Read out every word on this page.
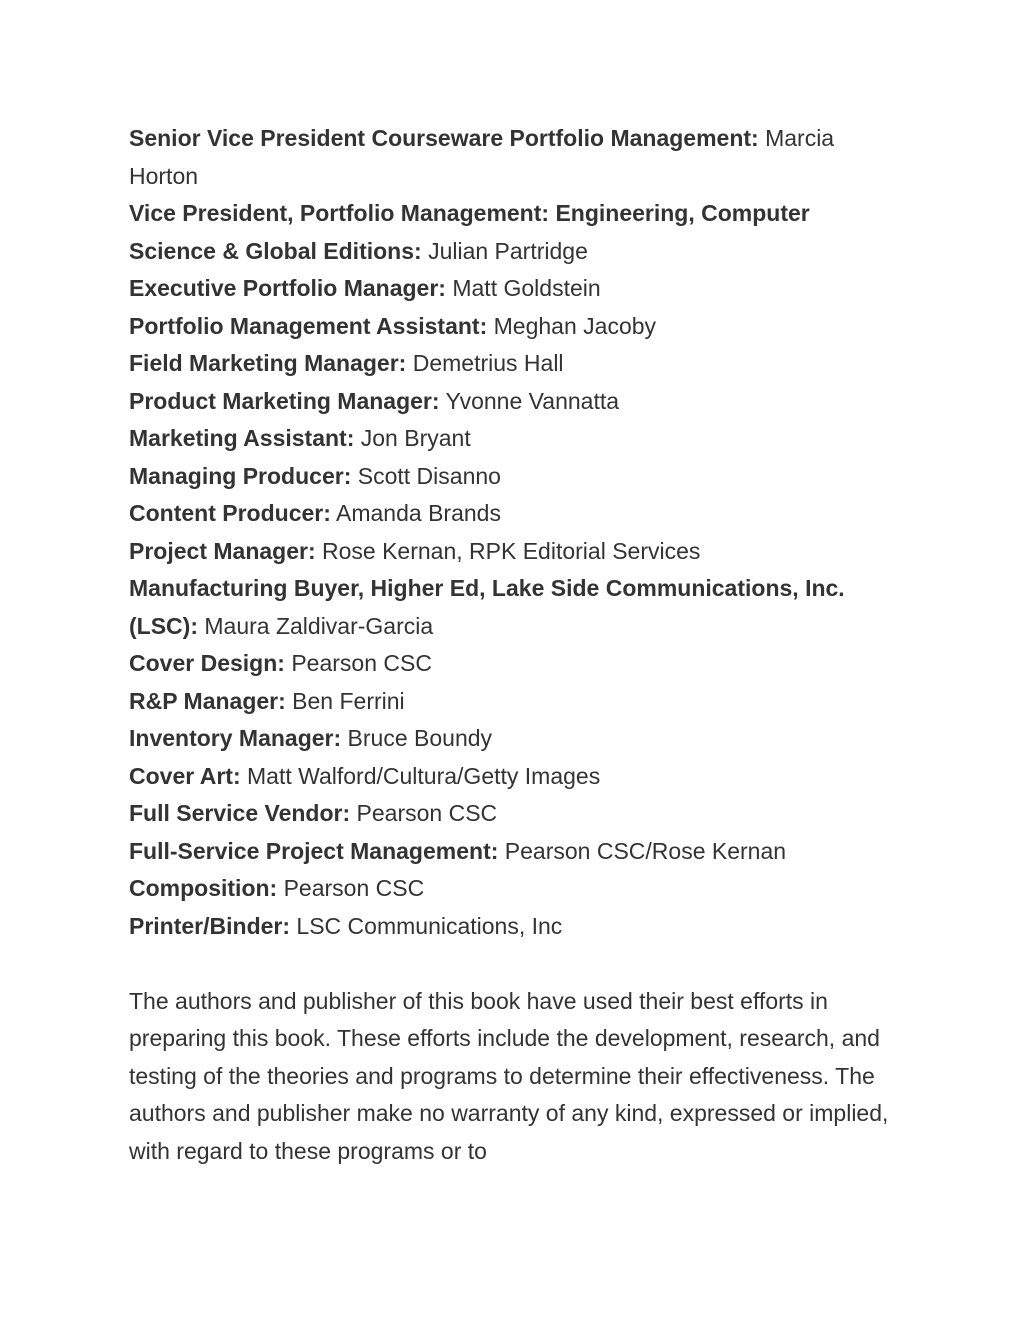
Senior Vice President Courseware Portfolio Management: Marcia Horton
Vice President, Portfolio Management: Engineering, Computer Science & Global Editions: Julian Partridge
Executive Portfolio Manager: Matt Goldstein
Portfolio Management Assistant: Meghan Jacoby
Field Marketing Manager: Demetrius Hall
Product Marketing Manager: Yvonne Vannatta
Marketing Assistant: Jon Bryant
Managing Producer: Scott Disanno
Content Producer: Amanda Brands
Project Manager: Rose Kernan, RPK Editorial Services
Manufacturing Buyer, Higher Ed, Lake Side Communications, Inc. (LSC): Maura Zaldivar-Garcia
Cover Design: Pearson CSC
R&P Manager: Ben Ferrini
Inventory Manager: Bruce Boundy
Cover Art: Matt Walford/Cultura/Getty Images
Full Service Vendor: Pearson CSC
Full-Service Project Management: Pearson CSC/Rose Kernan
Composition: Pearson CSC
Printer/Binder: LSC Communications, Inc

The authors and publisher of this book have used their best efforts in preparing this book. These efforts include the development, research, and testing of the theories and programs to determine their effectiveness. The authors and publisher make no warranty of any kind, expressed or implied, with regard to these programs or to
